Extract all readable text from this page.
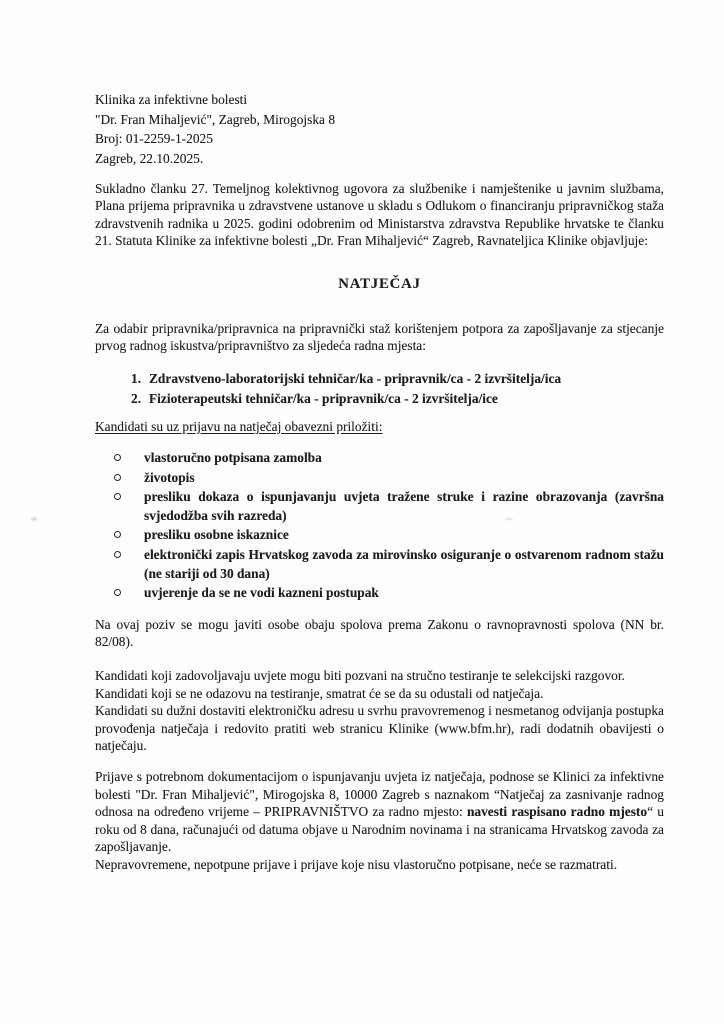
Klinika za infektivne bolesti
"Dr. Fran Mihaljević", Zagreb, Mirogojska 8
Broj: 01-2259-1-2025
Zagreb, 22.10.2025.

Sukladno članku 27. Temeljnog kolektivnog ugovora za službenike i namještenike u javnim službama, Plana prijema pripravnika u zdravstvene ustanove u skladu s Odlukom o financiranju pripravničkog staža zdravstvenih radnika u 2025. godini odobrenim od Ministarstva zdravstva Republike hrvatske te članku 21. Statuta Klinike za infektivne bolesti „Dr. Fran Mihaljević“ Zagreb, Ravnateljica Klinike objavljuje:

NATJEČAJ

Za odabir pripravnika/pripravnica na pripravnički staž korištenjem potpora za zapošljavanje za stjecanje prvog radnog iskustva/pripravništvo za sljedeća radna mjesta:

1. Zdravstveno-laboratorijski tehničar/ka - pripravnik/ca - 2 izvršitelja/ica
2. Fizioterapeutski tehničar/ka - pripravnik/ca - 2 izvršitelja/ice

Kandidati su uz prijavu na natječaj obavezni priložiti:

vlastoručno potpisana zamolba
životopis
presliku dokaza o ispunjavanju uvjeta tražene struke i razine obrazovanja (završna svjedodžba svih razreda)
presliku osobne iskaznice
elektronički zapis Hrvatskog zavoda za mirovinsko osiguranje o ostvarenom radnom stažu (ne stariji od 30 dana)
uvjerenje da se ne vodi kazneni postupak

Na ovaj poziv se mogu javiti osobe obaju spolova prema Zakonu o ravnopravnosti spolova (NN br. 82/08).

Kandidati koji zadovoljavaju uvjete mogu biti pozvani na stručno testiranje te selekcijski razgovor.

Kandidati koji se ne odazovu na testiranje, smatrat će se da su odustali od natječaja.

Kandidati su dužni dostaviti elektroničku adresu u svrhu pravovremenog i nesmetanog odvijanja postupka provođenja natječaja i redovito pratiti web stranicu Klinike (www.bfm.hr), radi dodatnih obavijesti o natječaju.

Prijave s potrebnom dokumentacijom o ispunjavanju uvjeta iz natječaja, podnose se Klinici za infektivne bolesti "Dr. Fran Mihaljević", Mirogojska 8, 10000 Zagreb s naznakom “Natječaj za zasnivanje radnog odnosa na određeno vrijeme – PRIPRAVNIŠTVO za radno mjesto: navesti raspisano radno mjesto“ u roku od 8 dana, računajući od datuma objave u Narodnim novinama i na stranicama Hrvatskog zavoda za zapošljavanje.

Nepravovremene, nepotpune prijave i prijave koje nisu vlastoručno potpisane, neće se razmatrati.
